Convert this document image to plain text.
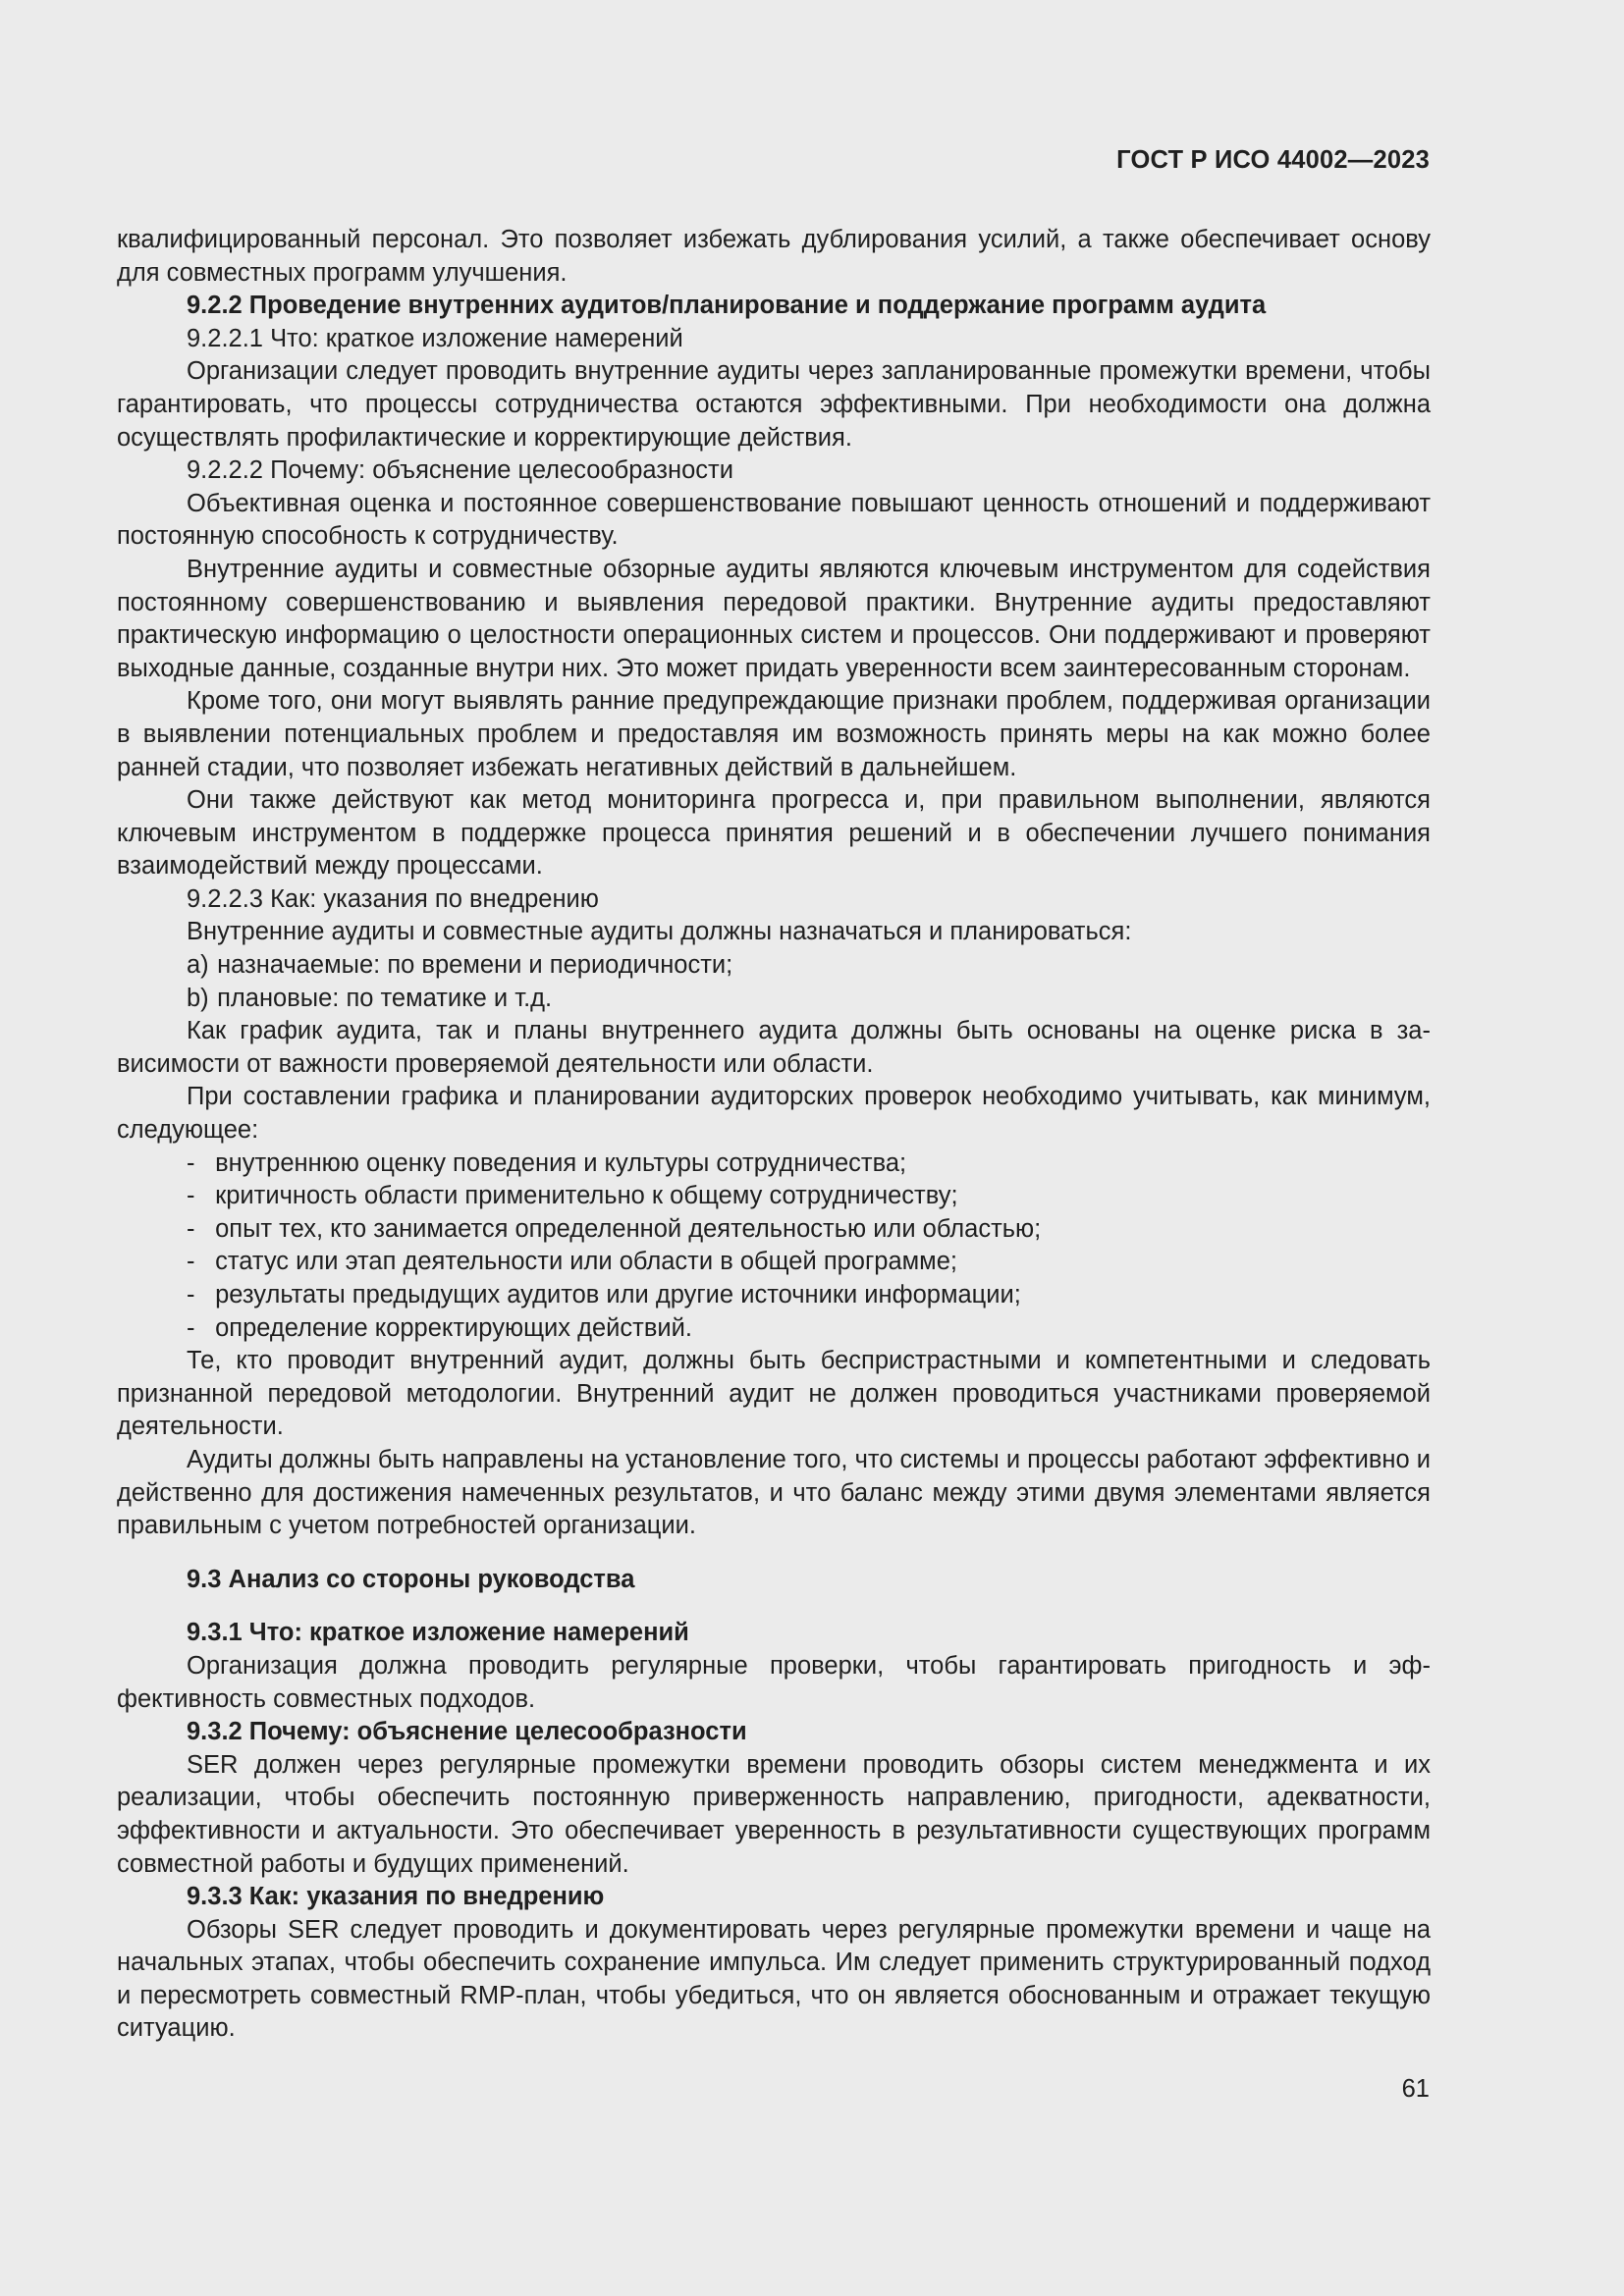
ГОСТ Р ИСО 44002—2023

квалифицированный персонал. Это позволяет избежать дублирования усилий, а также обеспечивает основу для совместных программ улучшения.

9.2.2 Проведение внутренних аудитов/планирование и поддержание программ аудита

9.2.2.1 Что: краткое изложение намерений

Организации следует проводить внутренние аудиты через запланированные промежутки времени, чтобы гарантировать, что процессы сотрудничества остаются эффективными. При необходимости она должна осуществлять профилактические и корректирующие действия.

9.2.2.2 Почему: объяснение целесообразности

Объективная оценка и постоянное совершенствование повышают ценность отношений и поддерживают постоянную способность к сотрудничеству.

Внутренние аудиты и совместные обзорные аудиты являются ключевым инструментом для содействия постоянному совершенствованию и выявления передовой практики. Внутренние аудиты предоставляют практическую информацию о целостности операционных систем и процессов. Они поддерживают и проверяют выходные данные, созданные внутри них. Это может придать уверенности всем заинтересованным сторонам.

Кроме того, они могут выявлять ранние предупреждающие признаки проблем, поддерживая организации в выявлении потенциальных проблем и предоставляя им возможность принять меры на как можно более ранней стадии, что позволяет избежать негативных действий в дальнейшем.

Они также действуют как метод мониторинга прогресса и, при правильном выполнении, являются ключевым инструментом в поддержке процесса принятия решений и в обеспечении лучшего понимания взаимодействий между процессами.

9.2.2.3 Как: указания по внедрению

Внутренние аудиты и совместные аудиты должны назначаться и планироваться:

a) назначаемые: по времени и периодичности;

b) плановые: по тематике и т.д.

Как график аудита, так и планы внутреннего аудита должны быть основаны на оценке риска в зависимости от важности проверяемой деятельности или области.

При составлении графика и планировании аудиторских проверок необходимо учитывать, как минимум, следующее:

- внутреннюю оценку поведения и культуры сотрудничества;

- критичность области применительно к общему сотрудничеству;

- опыт тех, кто занимается определенной деятельностью или областью;

- статус или этап деятельности или области в общей программе;

- результаты предыдущих аудитов или другие источники информации;

- определение корректирующих действий.

Те, кто проводит внутренний аудит, должны быть беспристрастными и компетентными и следовать признанной передовой методологии. Внутренний аудит не должен проводиться участниками проверяемой деятельности.

Аудиты должны быть направлены на установление того, что системы и процессы работают эффективно и действенно для достижения намеченных результатов, и что баланс между этими двумя элементами является правильным с учетом потребностей организации.

9.3 Анализ со стороны руководства

9.3.1 Что: краткое изложение намерений

Организация должна проводить регулярные проверки, чтобы гарантировать пригодность и эффективность совместных подходов.

9.3.2 Почему: объяснение целесообразности

SER должен через регулярные промежутки времени проводить обзоры систем менеджмента и их реализации, чтобы обеспечить постоянную приверженность направлению, пригодности, адекватности, эффективности и актуальности. Это обеспечивает уверенность в результативности существующих программ совместной работы и будущих применений.

9.3.3 Как: указания по внедрению

Обзоры SER следует проводить и документировать через регулярные промежутки времени и чаще на начальных этапах, чтобы обеспечить сохранение импульса. Им следует применить структурированный подход и пересмотреть совместный RMP-план, чтобы убедиться, что он является обоснованным и отражает текущую ситуацию.

61
